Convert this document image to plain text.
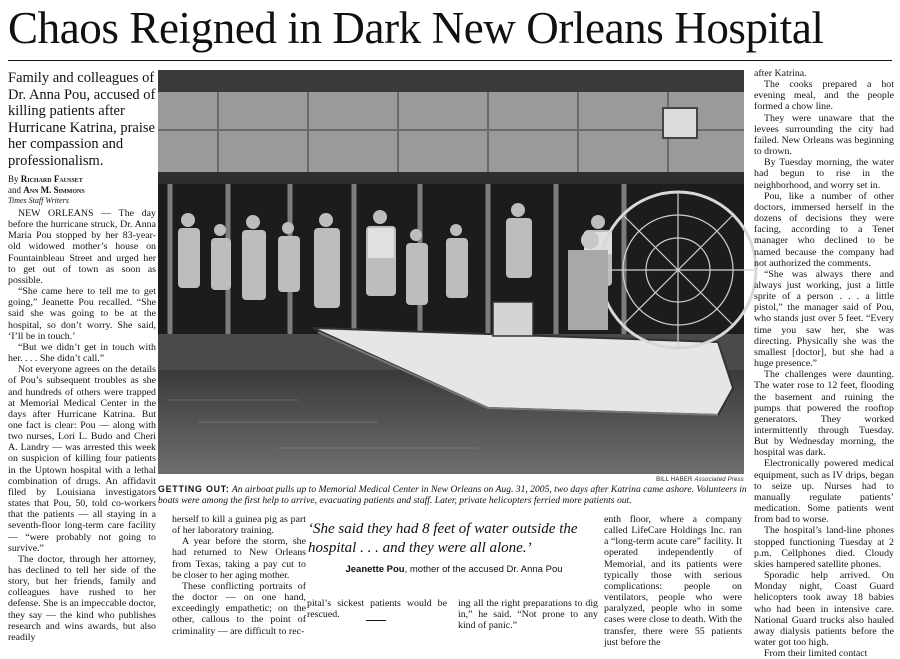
Chaos Reigned in Dark New Orleans Hospital
Family and colleagues of Dr. Anna Pou, accused of killing patients after Hurricane Katrina, praise her compassion and professionalism.
By Richard Fausset
and Ann M. Simmons
Times Staff Writers

NEW ORLEANS — The day before the hurricane struck, Dr. Anna Maria Pou stopped by her 83-year-old widowed mother’s house on Fountainbleau Street and urged her to get out of town as soon as possible.

“She came here to tell me to get going,” Jeanette Pou recalled. “She said she was going to be at the hospital, so don’t worry. She said, ‘I’ll be in touch.’

“But we didn’t get in touch with her. . . . She didn’t call.”

Not everyone agrees on the details of Pou’s subsequent troubles as she and hundreds of others were trapped at Memorial Medical Center in the days after Hurricane Katrina. But one fact is clear: Pou — along with two nurses, Lori L. Budo and Cheri A. Landry — was arrested this week on suspicion of killing four patients in the Uptown hospital with a lethal combination of drugs. An affidavit filed by Louisiana investigators states that Pou, 50, told co-workers that the patients — all staying in a seventh-floor long-term care facility — “were probably not going to survive.”

The doctor, through her attorney, has declined to tell her side of the story, but her friends, family and colleagues have rushed to her defense. She is an impeccable doctor, they say — the kind who publishes research and wins awards, but also readily

BILL HABER Associated Press
GETTING OUT: An airboat pulls up to Memorial Medical Center in New Orleans on Aug. 31, 2005, two days after Katrina came ashore. Volunteers in boats were among the first help to arrive, evacuating patients and staff. Later, private helicopters ferried more patients out.

herself to kill a guinea pig as part of her laboratory training.

A year before the storm, she had returned to New Orleans from Texas, taking a pay cut to be closer to her aging mother.

These conflicting portraits of the doctor — on one hand, exceedingly empathetic; on the other, callous to the point of criminality — are difficult to rec-

‘She said they had 8 feet of water outside the hospital . . . and they were all alone.’
Jeanette Pou, mother of the accused Dr. Anna Pou

pital’s sickest patients would be rescued.

ing all the right preparations to dig in,” he said. “Not prone to any kind of panic.”

enth floor, where a company called LifeCare Holdings Inc. ran a “long-term acute care” facility. It operated independently of Memorial, and its patients were typically those with serious complications: people on ventilators, people who were paralyzed, people who in some cases were close to death. With the transfer, there were 55 patients just before the

after Katrina.

The cooks prepared a hot evening meal, and the people formed a chow line.

They were unaware that the levees surrounding the city had failed. New Orleans was beginning to drown.

By Tuesday morning, the water had begun to rise in the neighborhood, and worry set in.

Pou, like a number of other doctors, immersed herself in the dozens of decisions they were facing, according to a Tenet manager who declined to be named because the company had not authorized the comments.

“She was always there and always just working, just a little sprite of a person . . . a little pistol,” the manager said of Pou, who stands just over 5 feet. “Every time you saw her, she was directing. Physically she was the smallest [doctor], but she had a huge presence.”

The challenges were daunting. The water rose to 12 feet, flooding the basement and ruining the pumps that powered the rooftop generators. They worked intermittently through Tuesday. But by Wednesday morning, the hospital was dark.

Electronically powered medical equipment, such as IV drips, began to seize up. Nurses had to manually regulate patients’ medication. Some patients went from bad to worse.

The hospital’s land-line phones stopped functioning Tuesday at 2 p.m. Cellphones died. Cloudy skies hampered satellite phones.

Sporadic help arrived. On Monday night, Coast Guard helicopters took away 18 babies who had been in intensive care. National Guard trucks also hauled away dialysis patients before the water got too high.

From their limited contact
